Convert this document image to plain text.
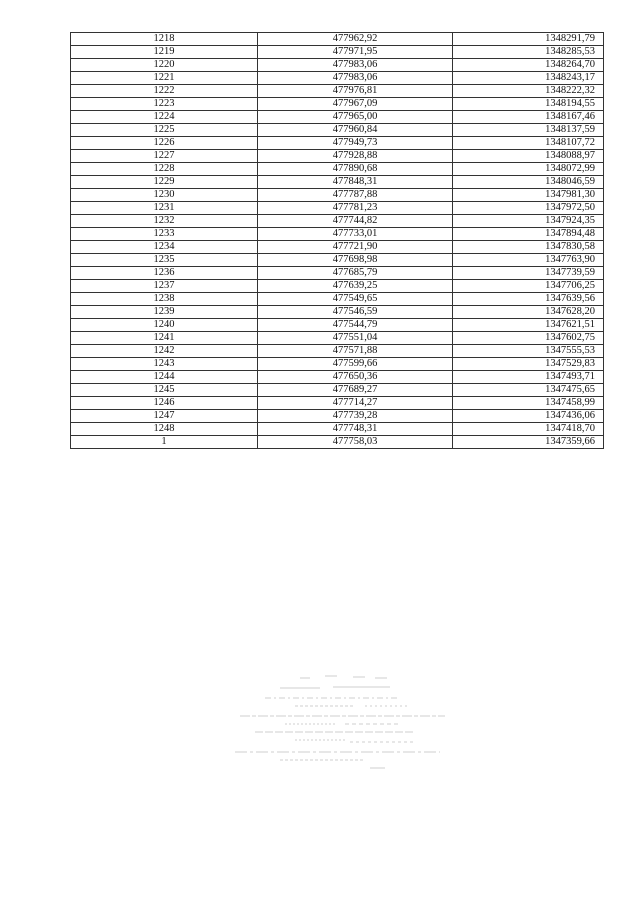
1218	477962,92	1348291,79
1219	477971,95	1348285,53
1220	477983,06	1348264,70
1221	477983,06	1348243,17
1222	477976,81	1348222,32
1223	477967,09	1348194,55
1224	477965,00	1348167,46
1225	477960,84	1348137,59
1226	477949,73	1348107,72
1227	477928,88	1348088,97
1228	477890,68	1348072,99
1229	477848,31	1348046,59
1230	477787,88	1347981,30
1231	477781,23	1347972,50
1232	477744,82	1347924,35
1233	477733,01	1347894,48
1234	477721,90	1347830,58
1235	477698,98	1347763,90
1236	477685,79	1347739,59
1237	477639,25	1347706,25
1238	477549,65	1347639,56
1239	477546,59	1347628,20
1240	477544,79	1347621,51
1241	477551,04	1347602,75
1242	477571,88	1347555,53
1243	477599,66	1347529,83
1244	477650,36	1347493,71
1245	477689,27	1347475,65
1246	477714,27	1347458,99
1247	477739,28	1347436,06
1248	477748,31	1347418,70
1	477758,03	1347359,66
